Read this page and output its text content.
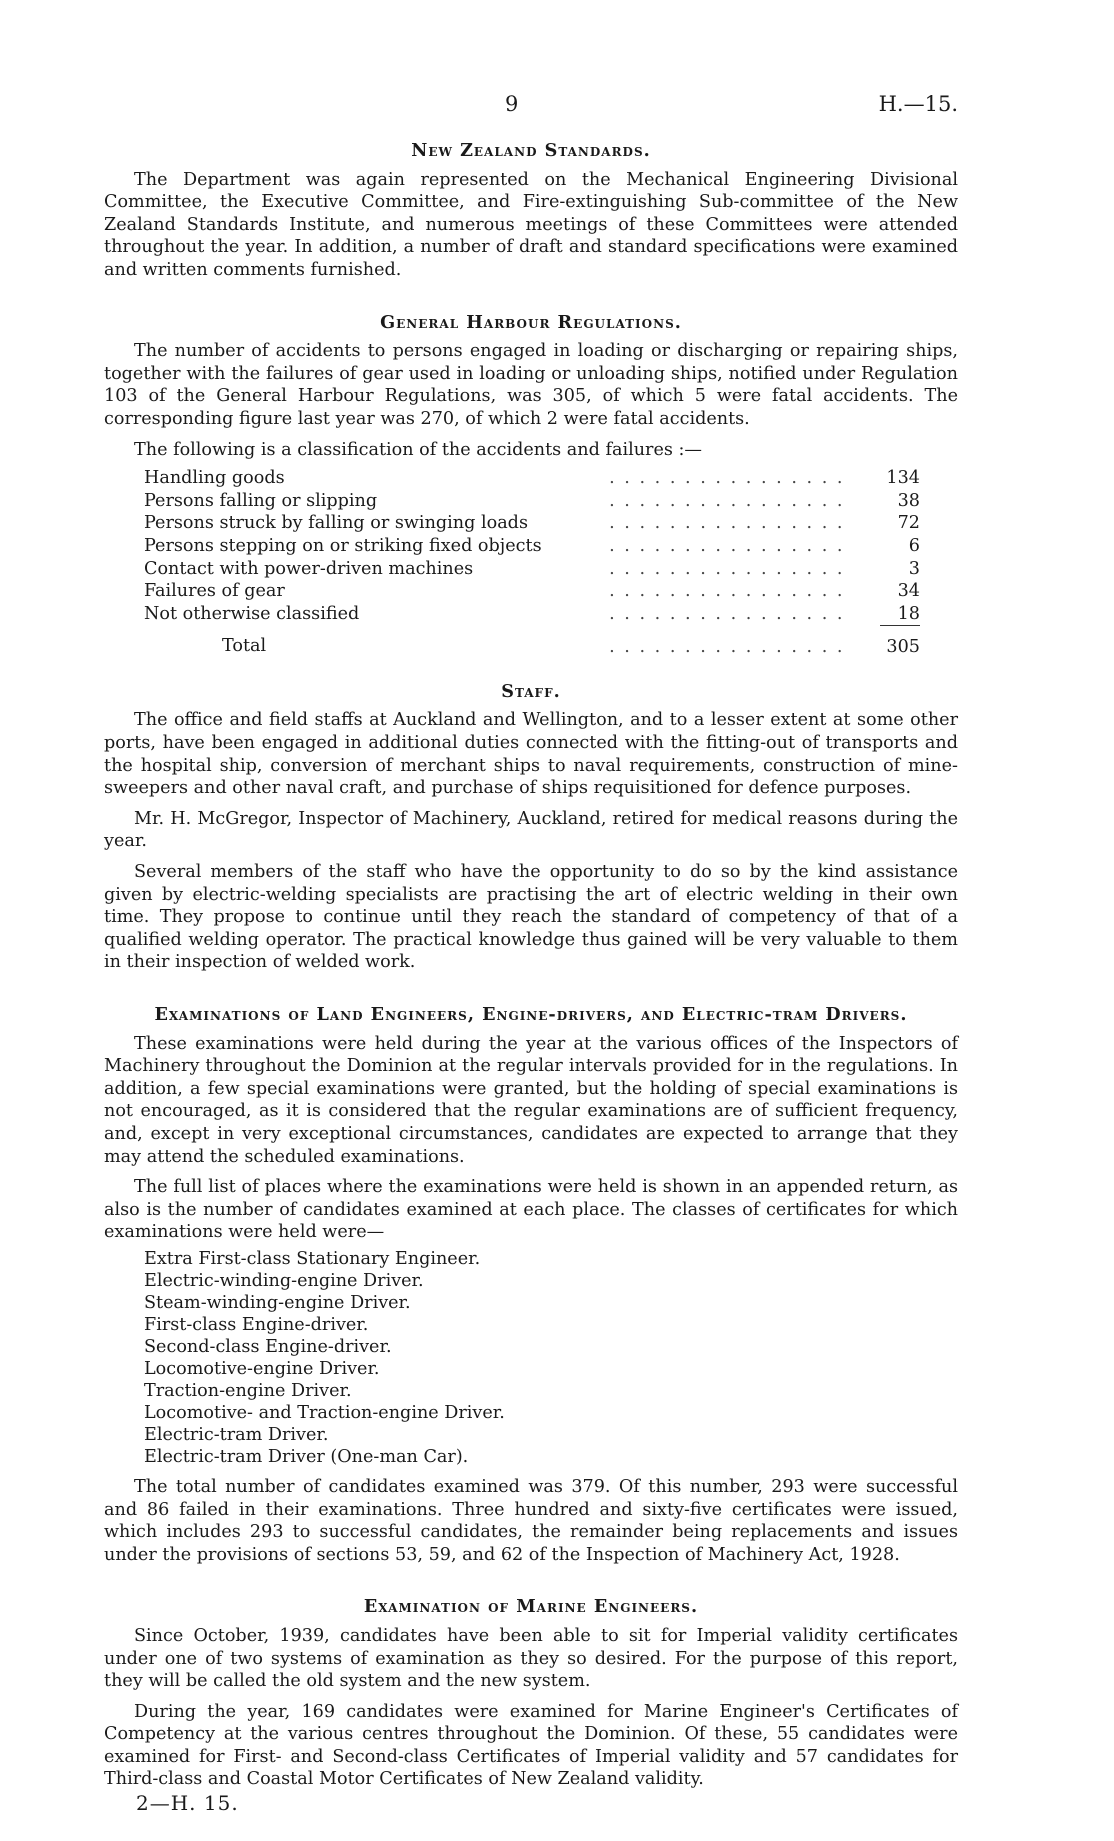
9	H.—15.
New Zealand Standards.

The Department was again represented on the Mechanical Engineering Divisional Committee, the Executive Committee, and Fire-extinguishing Sub-committee of the New Zealand Standards Institute, and numerous meetings of these Committees were attended throughout the year. In addition, a number of draft and standard specifications were examined and written comments furnished.

General Harbour Regulations.

The number of accidents to persons engaged in loading or discharging or repairing ships, together with the failures of gear used in loading or unloading ships, notified under Regulation 103 of the General Harbour Regulations, was 305, of which 5 were fatal accidents. The corresponding figure last year was 270, of which 2 were fatal accidents.

The following is a classification of the accidents and failures :—

Handling goods	. . . . . . . . . . . . . . . .	134
Persons falling or slipping	. . . . . . . . . . . . . . . .	38
Persons struck by falling or swinging loads	. . . . . . . . . . . . . . . .	72
Persons stepping on or striking fixed objects	. . . . . . . . . . . . . . . .	6
Contact with power-driven machines	. . . . . . . . . . . . . . . .	3
Failures of gear	. . . . . . . . . . . . . . . .	34
Not otherwise classified	. . . . . . . . . . . . . . . .	18

Total	. . . . . . . . . . . . . . . .	305
Staff.

The office and field staffs at Auckland and Wellington, and to a lesser extent at some other ports, have been engaged in additional duties connected with the fitting-out of transports and the hospital ship, conversion of merchant ships to naval requirements, construction of mine-sweepers and other naval craft, and purchase of ships requisitioned for defence purposes.

Mr. H. McGregor, Inspector of Machinery, Auckland, retired for medical reasons during the year.

Several members of the staff who have the opportunity to do so by the kind assistance given by electric-welding specialists are practising the art of electric welding in their own time. They propose to continue until they reach the standard of competency of that of a qualified welding operator. The practical knowledge thus gained will be very valuable to them in their inspection of welded work.

Examinations of Land Engineers, Engine-drivers, and Electric-tram Drivers.

These examinations were held during the year at the various offices of the Inspectors of Machinery throughout the Dominion at the regular intervals provided for in the regulations. In addition, a few special examinations were granted, but the holding of special examinations is not encouraged, as it is considered that the regular examinations are of sufficient frequency, and, except in very exceptional circumstances, candidates are expected to arrange that they may attend the scheduled examinations.

The full list of places where the examinations were held is shown in an appended return, as also is the number of candidates examined at each place. The classes of certificates for which examinations were held were—

Extra First-class Stationary Engineer.
Electric-winding-engine Driver.
Steam-winding-engine Driver.
First-class Engine-driver.
Second-class Engine-driver.
Locomotive-engine Driver.
Traction-engine Driver.
Locomotive- and Traction-engine Driver.
Electric-tram Driver.
Electric-tram Driver (One-man Car).

The total number of candidates examined was 379. Of this number, 293 were successful and 86 failed in their examinations. Three hundred and sixty-five certificates were issued, which includes 293 to successful candidates, the remainder being replacements and issues under the provisions of sections 53, 59, and 62 of the Inspection of Machinery Act, 1928.

Examination of Marine Engineers.

Since October, 1939, candidates have been able to sit for Imperial validity certificates under one of two systems of examination as they so desired. For the purpose of this report, they will be called the old system and the new system.

During the year, 169 candidates were examined for Marine Engineer's Certificates of Competency at the various centres throughout the Dominion. Of these, 55 candidates were examined for First- and Second-class Certificates of Imperial validity and 57 candidates for Third-class and Coastal Motor Certificates of New Zealand validity.

2—H. 15.
